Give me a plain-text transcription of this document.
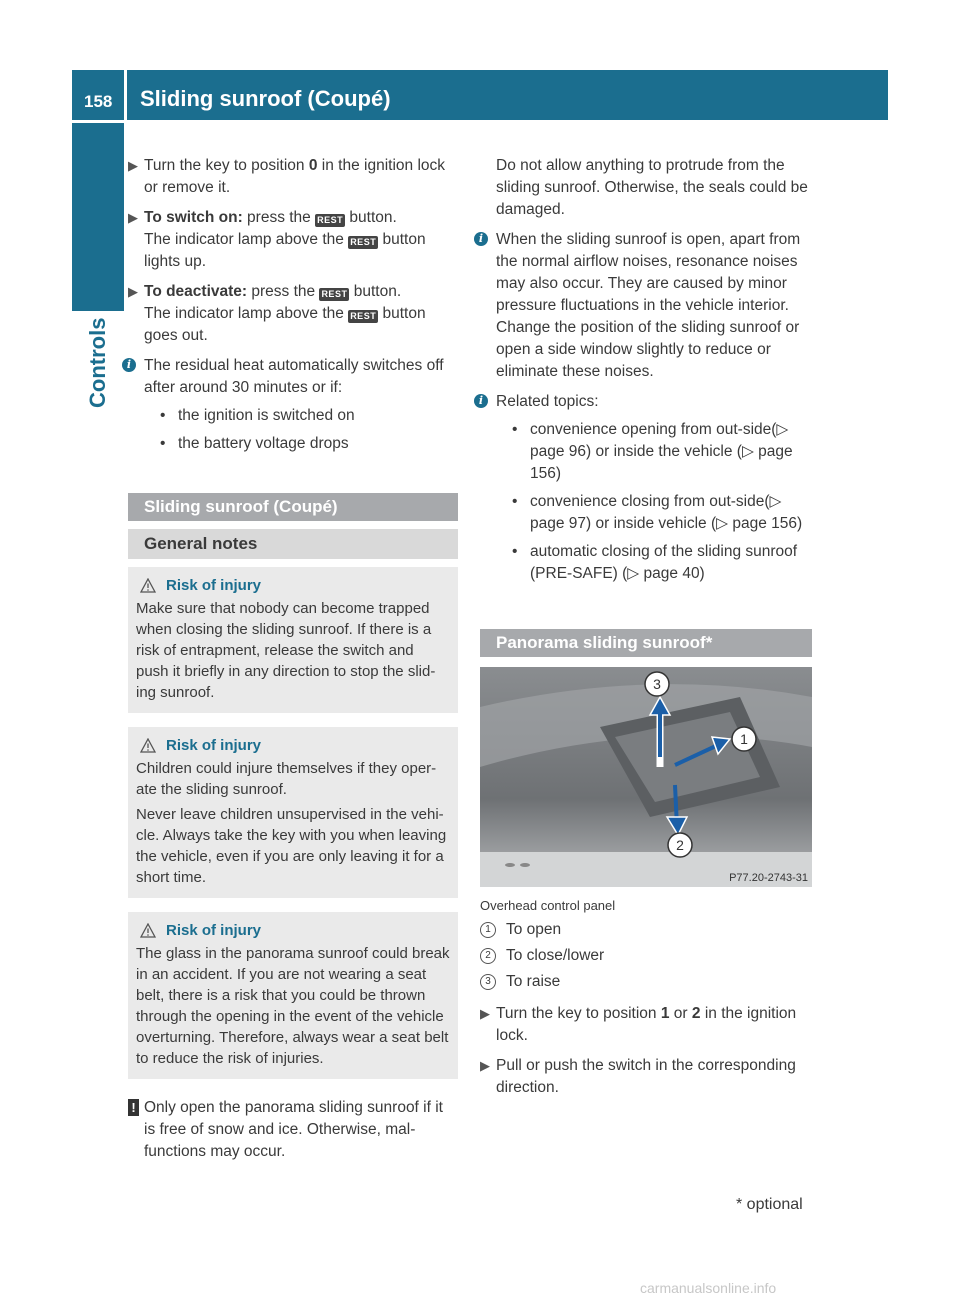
158 Sliding sunroof (Coupé)
Controls
▶ Turn the key to position 0 in the ignition lock or remove it.
▶ To switch on: press the REST button.
The indicator lamp above the REST button lights up.
▶ To deactivate: press the REST button.
The indicator lamp above the REST button goes out.
i The residual heat automatically switches off after around 30 minutes or if:
• the ignition is switched on
• the battery voltage drops
Sliding sunroof (Coupé)
General notes
Risk of injury

Make sure that nobody can become trapped when closing the sliding sunroof. If there is a risk of entrapment, release the switch and push it briefly in any direction to stop the slid-ing sunroof.

Risk of injury

Children could injure themselves if they oper-ate the sliding sunroof.

Never leave children unsupervised in the vehi-cle. Always take the key with you when leaving the vehicle, even if you are only leaving it for a short time.

Risk of injury

The glass in the panorama sunroof could break in an accident. If you are not wearing a seat belt, there is a risk that you could be thrown through the opening in the event of the vehicle overturning. Therefore, always wear a seat belt to reduce the risk of injuries.

! Only open the panorama sliding sunroof if it is free of snow and ice. Otherwise, mal-functions may occur.
Do not allow anything to protrude from the sliding sunroof. Otherwise, the seals could be damaged.
i When the sliding sunroof is open, apart from the normal airflow noises, resonance noises may also occur. They are caused by minor pressure fluctuations in the vehicle interior. Change the position of the sliding sunroof or open a side window slightly to reduce or eliminate these noises.
i Related topics:
• convenience opening from out-side(▷ page 96) or inside the vehicle (▷ page 156)
• convenience closing from out-side(▷ page 97) or inside vehicle (▷ page 156)
• automatic closing of the sliding sunroof (PRE-SAFE) (▷ page 40)
Panorama sliding sunroof*
3
1
2
P77.20-2743-31
Overhead control panel
1 To open
2 To close/lower
3 To raise
▶ Turn the key to position 1 or 2 in the ignition lock.
▶ Pull or push the switch in the corresponding direction.
* optional
carmanualsonline.info
